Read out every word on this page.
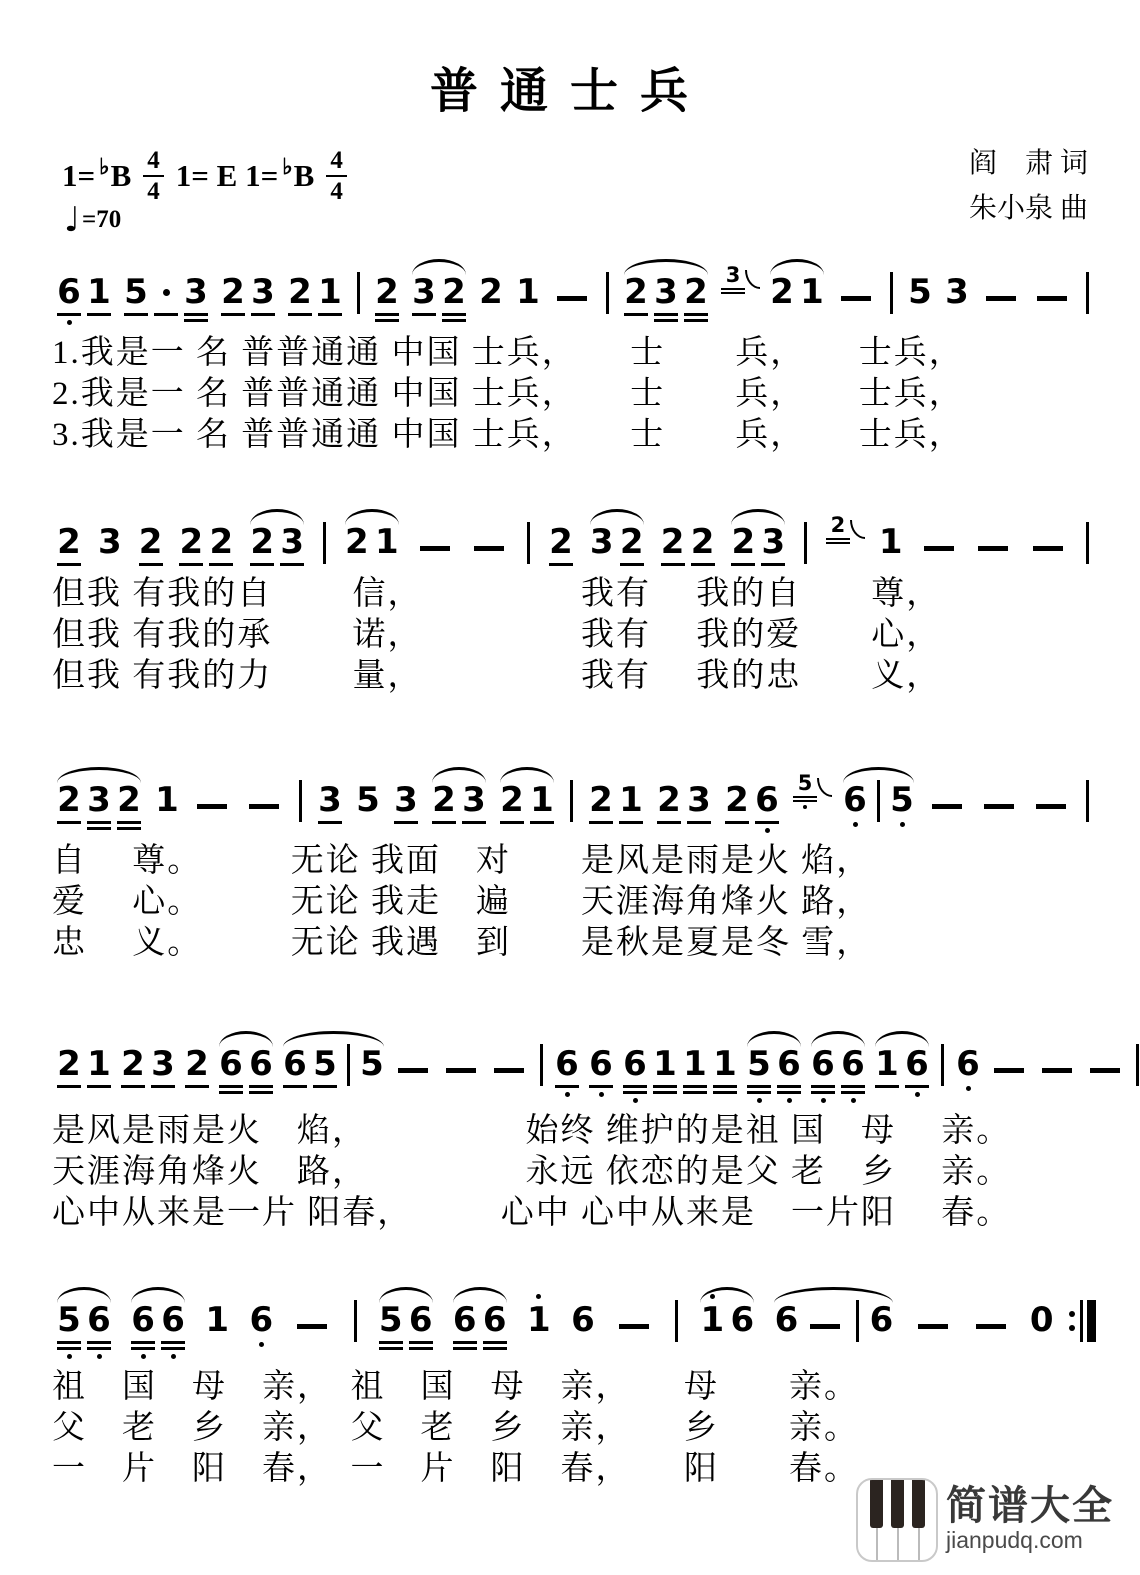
普通士兵
1= ♭ B $\frac{4}{4} 1= E$ 1= ♭ B $\frac{4}{4}$	阎　肃 词
朱小泉 曲
♩ =70
6 1 5 3 2 3 2 1 2 3 2 2 1 2 3 2 3 2 1 5 3
1.我是一 名 普普通通 中国 士兵，　　士　　兵，　　士兵，
2.我是一 名 普普通通 中国 士兵，　　士　　兵，　　士兵，
3.我是一 名 普普通通 中国 士兵，　　士　　兵，　　士兵，
2 3 2 2 2 2 3 2 1	2 3 2 2 2 2 3 2 1
但我 有我的自　　 信，　　　　　我有　 我的自　　尊，
但我 有我的承　　 诺，　　　　　我有　 我的爱　　心，
但我 有我的力　　 量，　　　　　我有　 我的忠　　义，
2 3 2 1	3 5 3 2 3 2 1 2 1 2 3 2 6 5 6 5
自　 尊。　　　无论 我面　对　　是风是雨是火 焰，
爱　 心。　　　无论 我走　遍　　天涯海角烽火 路，
忠　 义。　　　无论 我遇　到　　是秋是夏是冬 雪，
2 1 2 3 2 6 6 6 5 5	6 6 6 1 1 1 5 6 6 6 1 6 6
是风是雨是火　焰，　　　　　始终 维护的是祖 国　母　 亲。
天涯海角烽火　路，　　　　　永远 依恋的是父 老　乡　 亲。
心中从来是一片 阳春，　　　心中 心中从来是　一片阳　 春。
5 6 6 6 1 6	5 6 6 6 1 6	1 6 6 6	0
祖　国　母　亲，　祖　国　母　亲，　　母　　亲。
父　老　乡　亲，　父　老　乡　亲，　　乡　　亲。
一　片　阳　春，　一　片　阳　春，　　阳　　春。
简谱大全
jianpudq.com
